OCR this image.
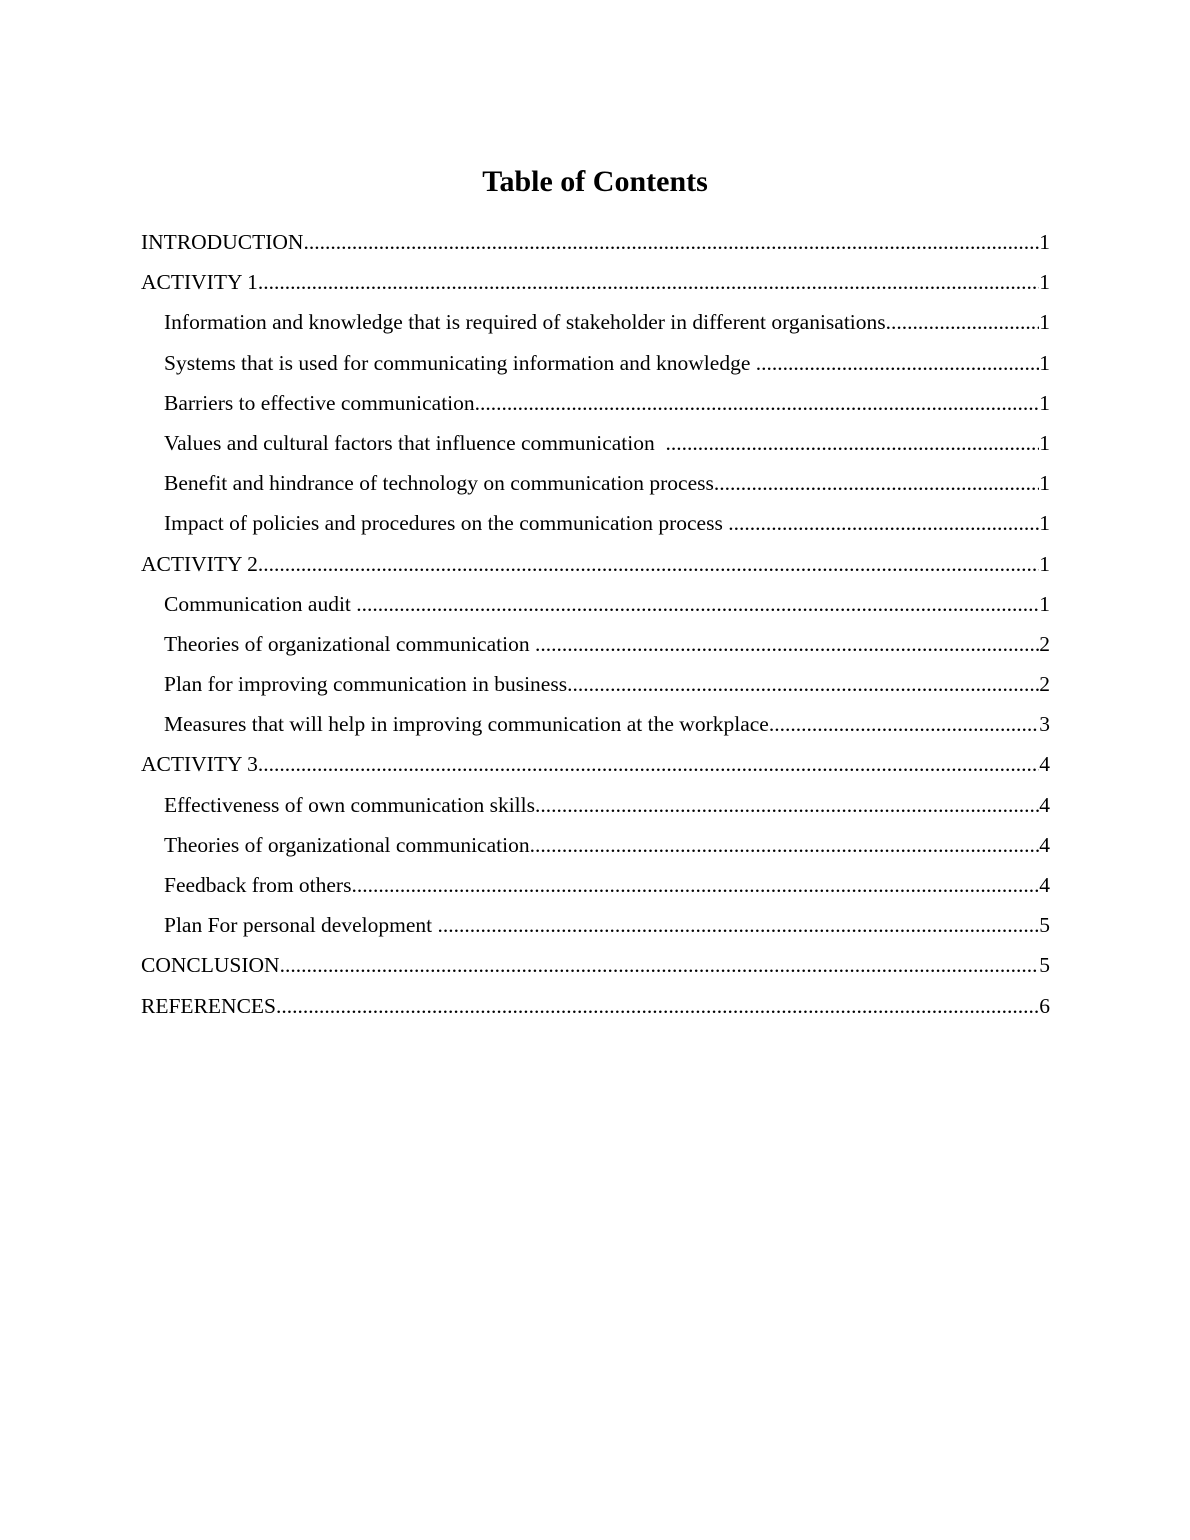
Table of Contents
INTRODUCTION .....	1
ACTIVITY 1 .....	1
Information and knowledge that is required of stakeholder in different organisations .....	1
Systems that is used for communicating information and knowledge .....	1
Barriers to effective communication .....	1
Values and cultural factors that influence communication .....	1
Benefit and hindrance of technology on communication process .....	1
Impact of policies and procedures on the communication process .....	1
ACTIVITY 2 .....	1
Communication audit .....	1
Theories of organizational communication .....	2
Plan for improving communication in business .....	2
Measures that will help in improving communication at the workplace .....	3
ACTIVITY 3 .....	4
Effectiveness of own communication skills .....	4
Theories of organizational communication .....	4
Feedback from others .....	4
Plan For personal development .....	5
CONCLUSION .....	5
REFERENCES .....	6
